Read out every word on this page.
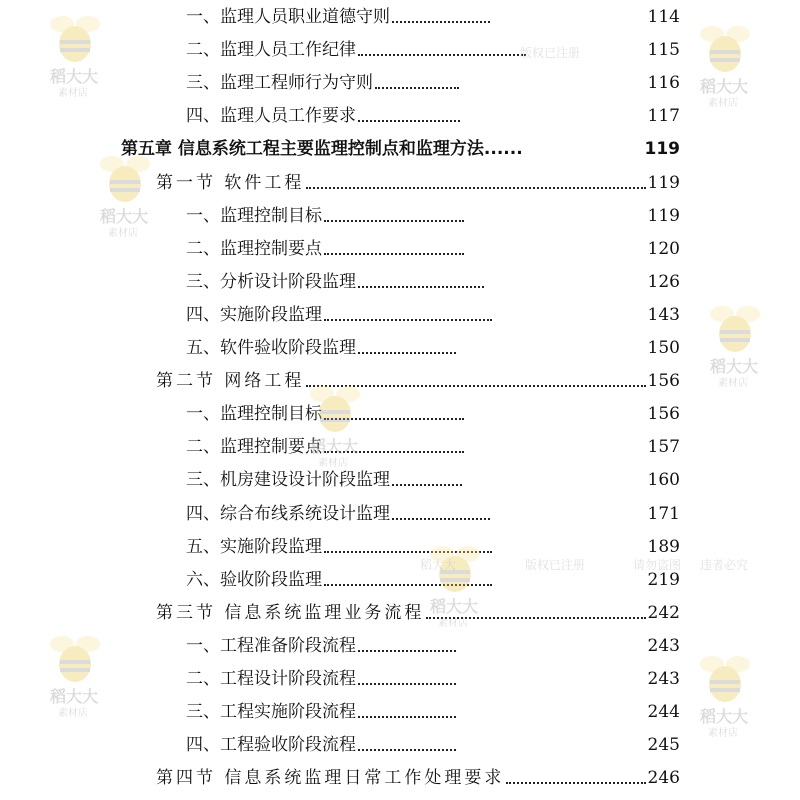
一、监理人员职业道德守则	114
二、监理人员工作纪律	115
三、监理工程师行为守则	116
四、监理人员工作要求	117
第五章 信息系统工程主要监理控制点和监理方法 ......	119
第一节 软件工程	119
一、监理控制目标	119
二、监理控制要点	120
三、分析设计阶段监理	126
四、实施阶段监理	143
五、软件验收阶段监理	150
第二节 网络工程	156
一、监理控制目标	156
二、监理控制要点	157
三、机房建设设计阶段监理	160
四、综合布线系统设计监理	171
五、实施阶段监理	189
六、验收阶段监理	219
第三节 信息系统监理业务流程	242
一、工程准备阶段流程	243
二、工程设计阶段流程	243
三、工程实施阶段流程	244
四、工程验收阶段流程	245
第四节 信息系统监理日常工作处理要求	246
稻大大
素材店	稻大大
素材店
稻大大
素材店	稻大大
素材店
稻大大
素材店
稻大大
素材店
稻大大
素材店
稻大大
素材店
版权已注册	请勿盗图 违者必究
版权已注册
稻大大
